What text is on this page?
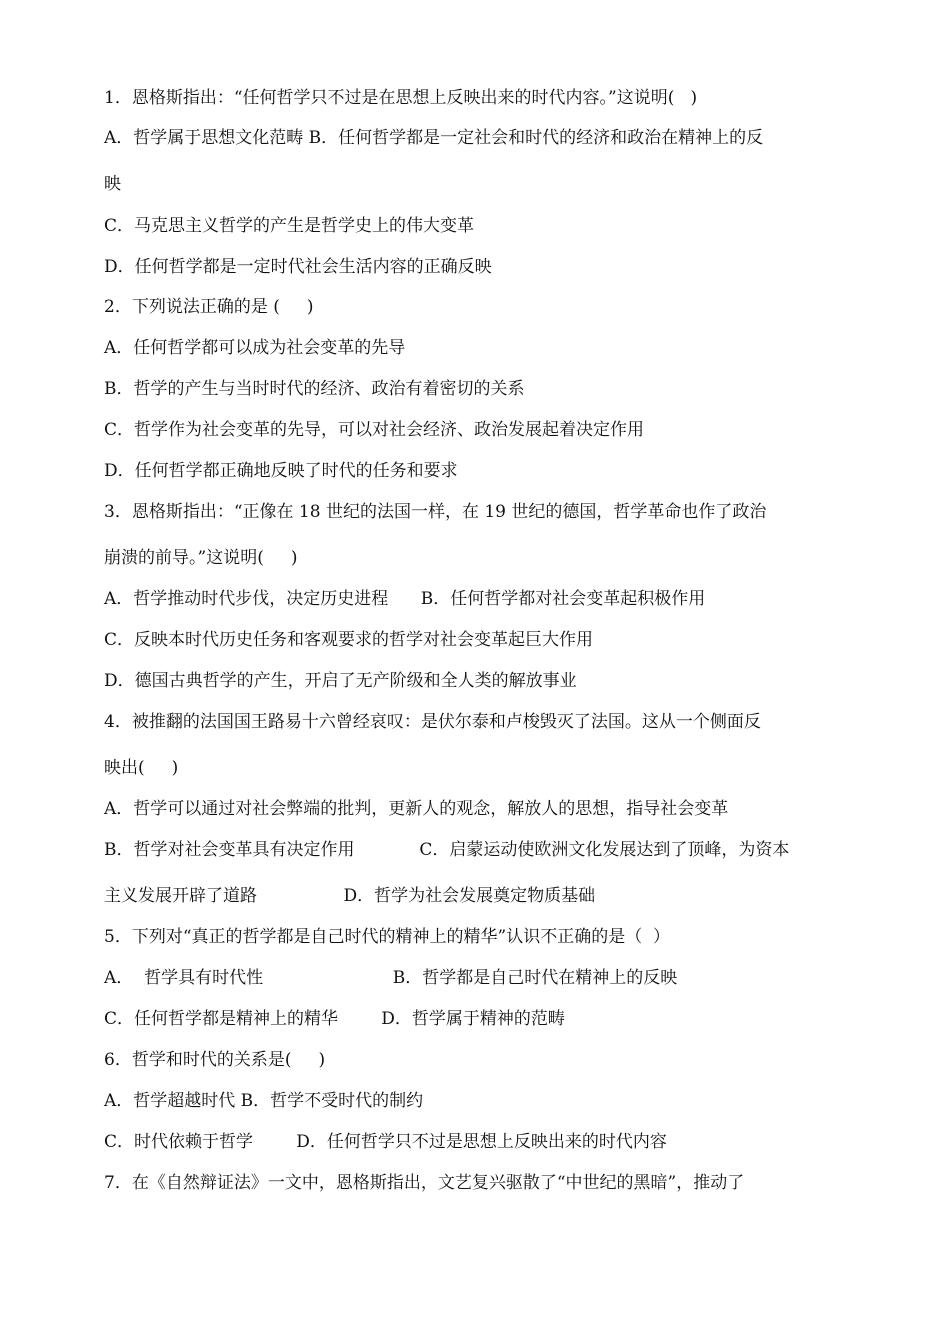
1．恩格斯指出：“任何哲学只不过是在思想上反映出来的时代内容。”这说明(   )
A．哲学属于思想文化范畴 B．任何哲学都是一定社会和时代的经济和政治在精神上的反
映
C．马克思主义哲学的产生是哲学史上的伟大变革
D．任何哲学都是一定时代社会生活内容的正确反映
2．下列说法正确的是 (     )
A．任何哲学都可以成为社会变革的先导
B．哲学的产生与当时时代的经济、政治有着密切的关系
C．哲学作为社会变革的先导，可以对社会经济、政治发展起着决定作用
D．任何哲学都正确地反映了时代的任务和要求
3．恩格斯指出：“正像在 18 世纪的法国一样，在 19 世纪的德国，哲学革命也作了政治
崩溃的前导。”这说明(     )
A．哲学推动时代步伐，决定历史进程      B．任何哲学都对社会变革起积极作用
C．反映本时代历史任务和客观要求的哲学对社会变革起巨大作用
D．德国古典哲学的产生，开启了无产阶级和全人类的解放事业
4．被推翻的法国国王路易十六曾经哀叹：是伏尔泰和卢梭毁灭了法国。这从一个侧面反
映出(     )
A．哲学可以通过对社会弊端的批判，更新人的观念，解放人的思想，指导社会变革
B．哲学对社会变革具有决定作用            C．启蒙运动使欧洲文化发展达到了顶峰，为资本
主义发展开辟了道路                D．哲学为社会发展奠定物质基础
5．下列对“真正的哲学都是自己时代的精神上的精华”认识不正确的是（  ）
A．  哲学具有时代性                        B．哲学都是自己时代在精神上的反映
C．任何哲学都是精神上的精华        D．哲学属于精神的范畴
6．哲学和时代的关系是(     )
A．哲学超越时代 B．哲学不受时代的制约
C．时代依赖于哲学        D．任何哲学只不过是思想上反映出来的时代内容
7．在《自然辩证法》一文中，恩格斯指出，文艺复兴驱散了“中世纪的黑暗”，推动了
